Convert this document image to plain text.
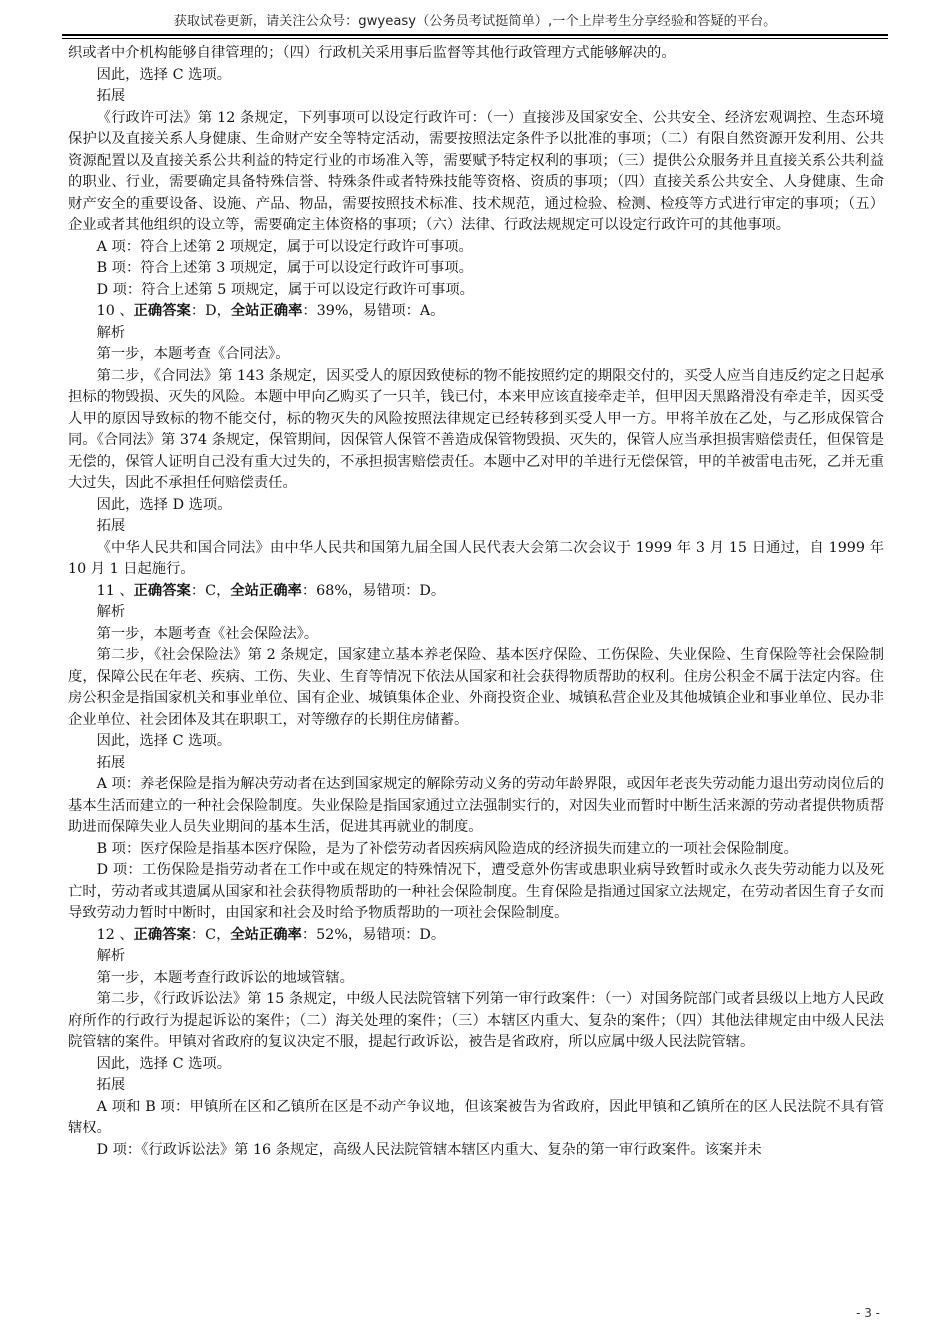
获取试卷更新，请关注公众号：gwyeasy（公务员考试挺简单）,一个上岸考生分享经验和答疑的平台。

织或者中介机构能够自律管理的；（四）行政机关采用事后监督等其他行政管理方式能够解决的。

因此，选择 C 选项。

拓展

《行政许可法》第 12 条规定，下列事项可以设定行政许可：（一）直接涉及国家安全、公共安全、经济宏观调控、生态环境保护以及直接关系人身健康、生命财产安全等特定活动，需要按照法定条件予以批准的事项；（二）有限自然资源开发利用、公共资源配置以及直接关系公共利益的特定行业的市场准入等，需要赋予特定权利的事项；（三）提供公众服务并且直接关系公共利益的职业、行业，需要确定具备特殊信誉、特殊条件或者特殊技能等资格、资质的事项；（四）直接关系公共安全、人身健康、生命财产安全的重要设备、设施、产品、物品，需要按照技术标准、技术规范，通过检验、检测、检疫等方式进行审定的事项；（五）企业或者其他组织的设立等，需要确定主体资格的事项；（六）法律、行政法规规定可以设定行政许可的其他事项。

A 项：符合上述第 2 项规定，属于可以设定行政许可事项。

B 项：符合上述第 3 项规定，属于可以设定行政许可事项。

D 项：符合上述第 5 项规定，属于可以设定行政许可事项。

10 、正确答案：D，全站正确率：39%，易错项：A。

解析

第一步，本题考查《合同法》。

第二步，《合同法》第 143 条规定，因买受人的原因致使标的物不能按照约定的期限交付的，买受人应当自违反约定之日起承担标的物毁损、灭失的风险。本题中甲向乙购买了一只羊，钱已付，本来甲应该直接牵走羊，但甲因天黑路滑没有牵走羊，因买受人甲的原因导致标的物不能交付，标的物灭失的风险按照法律规定已经转移到买受人甲一方。甲将羊放在乙处，与乙形成保管合同。《合同法》第 374 条规定，保管期间，因保管人保管不善造成保管物毁损、灭失的，保管人应当承担损害赔偿责任，但保管是无偿的，保管人证明自己没有重大过失的，不承担损害赔偿责任。本题中乙对甲的羊进行无偿保管，甲的羊被雷电击死，乙并无重大过失，因此不承担任何赔偿责任。

因此，选择 D 选项。

拓展

《中华人民共和国合同法》由中华人民共和国第九届全国人民代表大会第二次会议于 1999 年 3 月 15 日通过，自 1999 年 10 月 1 日起施行。

11 、正确答案：C，全站正确率：68%，易错项：D。

解析

第一步，本题考查《社会保险法》。

第二步，《社会保险法》第 2 条规定，国家建立基本养老保险、基本医疗保险、工伤保险、失业保险、生育保险等社会保险制度，保障公民在年老、疾病、工伤、失业、生育等情况下依法从国家和社会获得物质帮助的权利。住房公积金不属于法定内容。住房公积金是指国家机关和事业单位、国有企业、城镇集体企业、外商投资企业、城镇私营企业及其他城镇企业和事业单位、民办非企业单位、社会团体及其在职职工，对等缴存的长期住房储蓄。

因此，选择 C 选项。

拓展

A 项：养老保险是指为解决劳动者在达到国家规定的解除劳动义务的劳动年龄界限，或因年老丧失劳动能力退出劳动岗位后的基本生活而建立的一种社会保险制度。失业保险是指国家通过立法强制实行的，对因失业而暂时中断生活来源的劳动者提供物质帮助进而保障失业人员失业期间的基本生活，促进其再就业的制度。

B 项：医疗保险是指基本医疗保险，是为了补偿劳动者因疾病风险造成的经济损失而建立的一项社会保险制度。

D 项：工伤保险是指劳动者在工作中或在规定的特殊情况下，遭受意外伤害或患职业病导致暂时或永久丧失劳动能力以及死亡时，劳动者或其遗属从国家和社会获得物质帮助的一种社会保险制度。生育保险是指通过国家立法规定，在劳动者因生育子女而导致劳动力暂时中断时，由国家和社会及时给予物质帮助的一项社会保险制度。

12 、正确答案：C，全站正确率：52%，易错项：D。

解析

第一步，本题考查行政诉讼的地域管辖。

第二步，《行政诉讼法》第 15 条规定，中级人民法院管辖下列第一审行政案件：（一）对国务院部门或者县级以上地方人民政府所作的行政行为提起诉讼的案件；（二）海关处理的案件；（三）本辖区内重大、复杂的案件；（四）其他法律规定由中级人民法院管辖的案件。甲镇对省政府的复议决定不服，提起行政诉讼，被告是省政府，所以应属中级人民法院管辖。

因此，选择 C 选项。

拓展

A 项和 B 项：甲镇所在区和乙镇所在区是不动产争议地，但该案被告为省政府，因此甲镇和乙镇所在的区人民法院不具有管辖权。

D 项：《行政诉讼法》第 16 条规定，高级人民法院管辖本辖区内重大、复杂的第一审行政案件。该案并未

- 3 -
